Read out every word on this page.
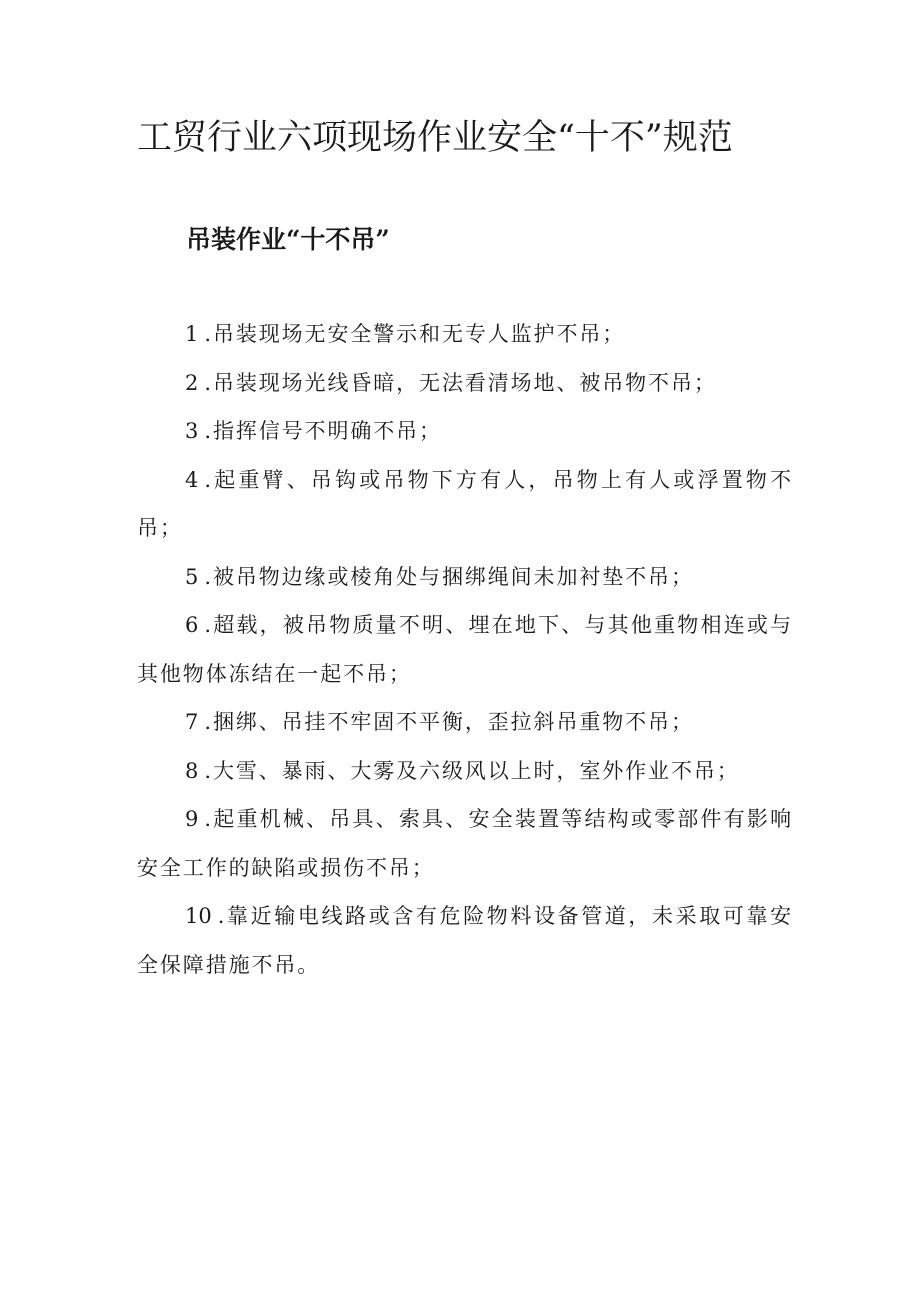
工贸行业六项现场作业安全“十不”规范
吊装作业“十不吊”
1 .吊装现场无安全警示和无专人监护不吊；
2 .吊装现场光线昏暗，无法看清场地、被吊物不吊；
3 .指挥信号不明确不吊；
4 .起重臂、吊钩或吊物下方有人，吊物上有人或浮置物不吊；
5 .被吊物边缘或棱角处与捆绑绳间未加衬垫不吊；
6 .超载，被吊物质量不明、埋在地下、与其他重物相连或与其他物体冻结在一起不吊；
7 .捆绑、吊挂不牢固不平衡，歪拉斜吊重物不吊；
8 .大雪、暴雨、大雾及六级风以上时，室外作业不吊；
9 .起重机械、吊具、索具、安全装置等结构或零部件有影响安全工作的缺陷或损伤不吊；
10 .靠近输电线路或含有危险物料设备管道，未采取可靠安全保障措施不吊。
